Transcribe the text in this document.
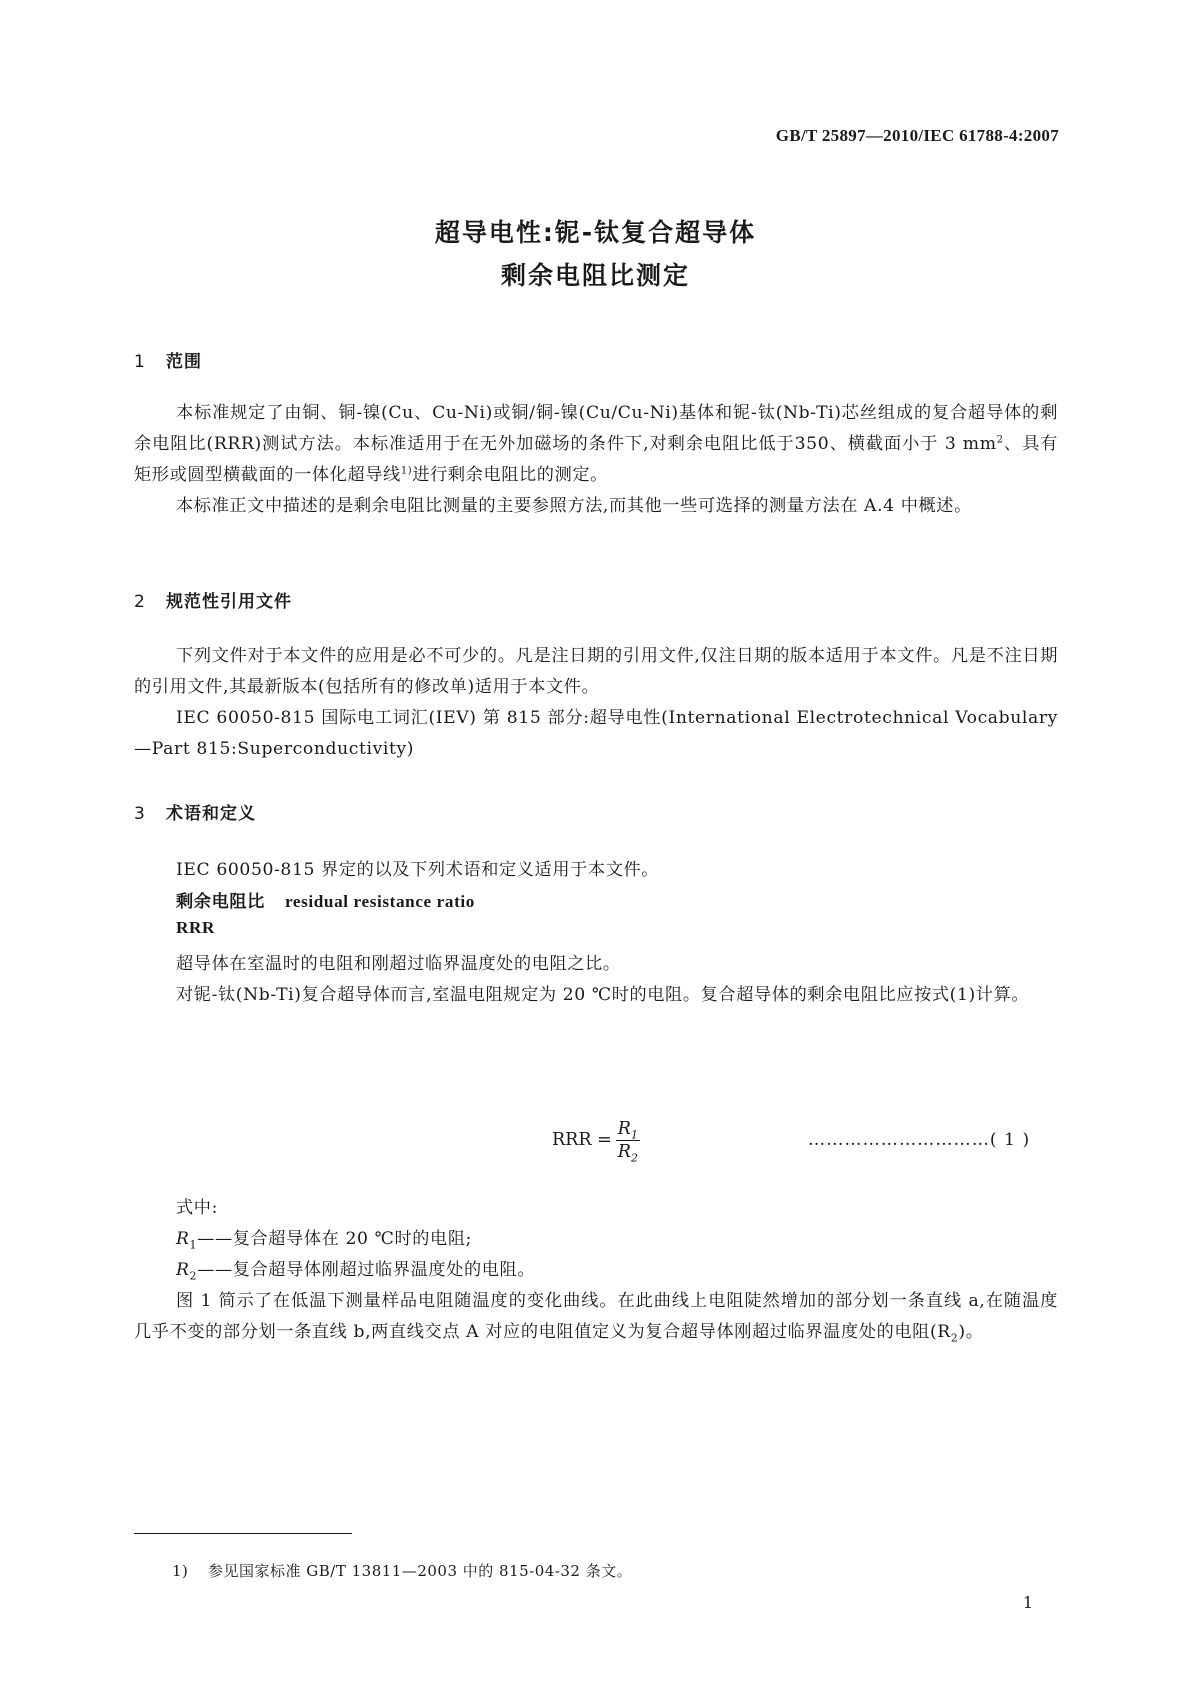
GB/T 25897—2010/IEC 61788-4:2007
超导电性:铌-钛复合超导体
剩余电阻比测定
1 范围
本标准规定了由铜、铜-镍(Cu、Cu-Ni)或铜/铜-镍(Cu/Cu-Ni)基体和铌-钛(Nb-Ti)芯丝组成的复合超导体的剩余电阻比(RRR)测试方法。本标准适用于在无外加磁场的条件下,对剩余电阻比低于350、横截面小于 3 $mm^2$、具有矩形或圆型横截面的一体化超导线$^{1)}$进行剩余电阻比的测定。
本标准正文中描述的是剩余电阻比测量的主要参照方法,而其他一些可选择的测量方法在 A.4 中概述。
2 规范性引用文件
下列文件对于本文件的应用是必不可少的。凡是注日期的引用文件,仅注日期的版本适用于本文件。凡是不注日期的引用文件,其最新版本(包括所有的修改单)适用于本文件。
IEC 60050-815 国际电工词汇(IEV) 第 815 部分:超导电性(International Electrotechnical Vocabulary—Part 815:Superconductivity)
3 术语和定义
IEC 60050-815 界定的以及下列术语和定义适用于本文件。
剩余电阻比 residual resistance ratio
RRR
超导体在室温时的电阻和刚超过临界温度处的电阻之比。
对铌-钛(Nb-Ti)复合超导体而言,室温电阻规定为 20 ℃时的电阻。复合超导体的剩余电阻比应按式(1)计算。
RRR = $\frac{R_1}{R_2}$	…………………………( 1 )
式中:
$R_1——$复合超导体在 20 ℃时的电阻;
$R_2——$复合超导体刚超过临界温度处的电阻。
图 1 简示了在低温下测量样品电阻随温度的变化曲线。在此曲线上电阻陡然增加的部分划一条直线 a,在随温度几乎不变的部分划一条直线 b,两直线交点 A 对应的电阻值定义为复合超导体刚超过临界温度处的电阻$(R_2)$。
1) 参见国家标准 GB/T 13811—2003 中的 815-04-32 条文。
1
